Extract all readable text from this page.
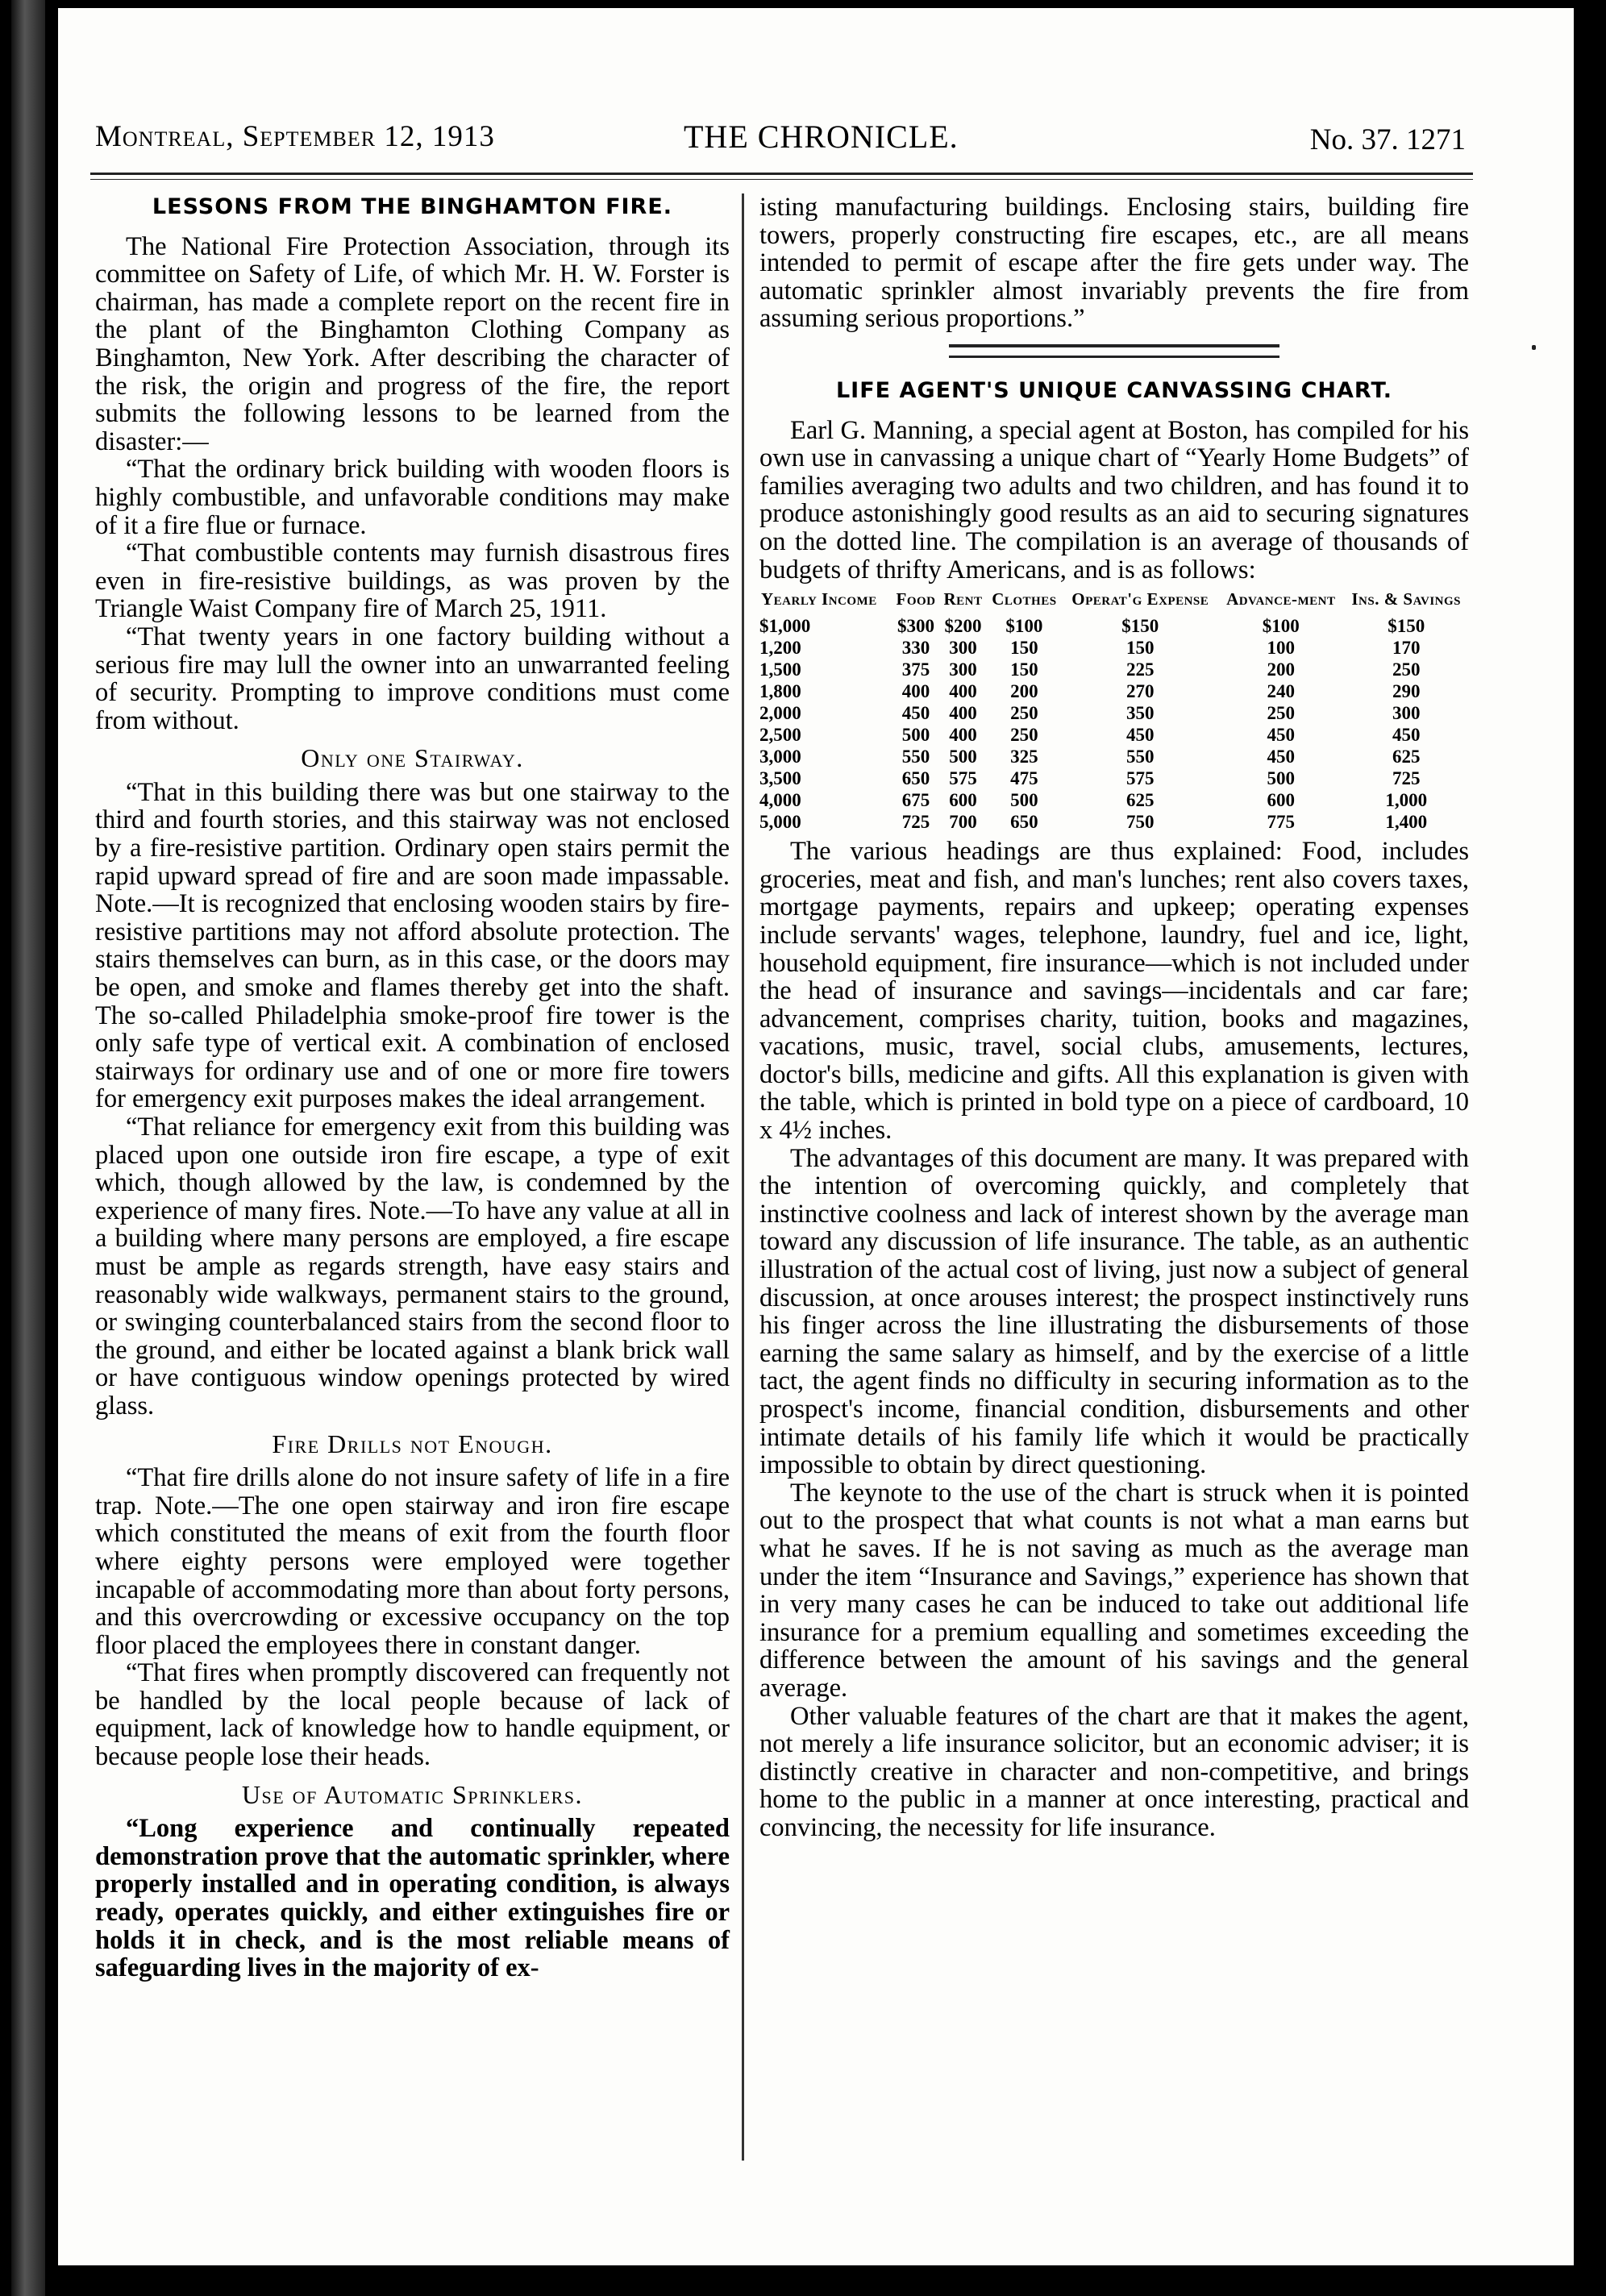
Montreal, September 12, 1913	THE CHRONICLE.	No. 37. 1271
LESSONS FROM THE BINGHAMTON FIRE.

The National Fire Protection Association, through its committee on Safety of Life, of which Mr. H. W. Forster is chairman, has made a complete report on the recent fire in the plant of the Binghamton Clothing Company as Binghamton, New York. After describing the character of the risk, the origin and progress of the fire, the report submits the following lessons to be learned from the disaster:—

“That the ordinary brick building with wooden floors is highly combustible, and unfavorable conditions may make of it a fire flue or furnace.

“That combustible contents may furnish disastrous fires even in fire-resistive buildings, as was proven by the Triangle Waist Company fire of March 25, 1911.

“That twenty years in one factory building without a serious fire may lull the owner into an unwarranted feeling of security. Prompting to improve conditions must come from without.

Only one Stairway.

“That in this building there was but one stairway to the third and fourth stories, and this stairway was not enclosed by a fire-resistive partition. Ordinary open stairs permit the rapid upward spread of fire and are soon made impassable. Note.—It is recognized that enclosing wooden stairs by fire-resistive partitions may not afford absolute protection. The stairs themselves can burn, as in this case, or the doors may be open, and smoke and flames thereby get into the shaft. The so-called Philadelphia smoke-proof fire tower is the only safe type of vertical exit. A combination of enclosed stairways for ordinary use and of one or more fire towers for emergency exit purposes makes the ideal arrangement.

“That reliance for emergency exit from this building was placed upon one outside iron fire escape, a type of exit which, though allowed by the law, is condemned by the experience of many fires. Note.—To have any value at all in a building where many persons are employed, a fire escape must be ample as regards strength, have easy stairs and reasonably wide walkways, permanent stairs to the ground, or swinging counterbalanced stairs from the second floor to the ground, and either be located against a blank brick wall or have contiguous window openings protected by wired glass.

Fire Drills not Enough.

“That fire drills alone do not insure safety of life in a fire trap. Note.—The one open stairway and iron fire escape which constituted the means of exit from the fourth floor where eighty persons were employed were together incapable of accommodating more than about forty persons, and this overcrowding or excessive occupancy on the top floor placed the employees there in constant danger.

“That fires when promptly discovered can frequently not be handled by the local people because of lack of equipment, lack of knowledge how to handle equipment, or because people lose their heads.

Use of Automatic Sprinklers.

“Long experience and continually repeated demonstration prove that the automatic sprinkler, where properly installed and in operating condition, is always ready, operates quickly, and either extinguishes fire or holds it in check, and is the most reliable means of safeguarding lives in the majority of ex-

isting manufacturing buildings. Enclosing stairs, building fire towers, properly constructing fire escapes, etc., are all means intended to permit of escape after the fire gets under way. The automatic sprinkler almost invariably prevents the fire from assuming serious proportions.”

LIFE AGENT'S UNIQUE CANVASSING CHART.

Earl G. Manning, a special agent at Boston, has compiled for his own use in canvassing a unique chart of “Yearly Home Budgets” of families averaging two adults and two children, and has found it to produce astonishingly good results as an aid to securing signatures on the dotted line. The compilation is an average of thousands of budgets of thrifty Americans, and is as follows:

Yearly Income	Food	Rent	Clothes	Operat'g Expense	Advance-ment	Ins. & Savings
$1,000	$300	$200	$100	$150	$100	$150
1,200	330	300	150	150	100	170
1,500	375	300	150	225	200	250
1,800	400	400	200	270	240	290
2,000	450	400	250	350	250	300
2,500	500	400	250	450	450	450
3,000	550	500	325	550	450	625
3,500	650	575	475	575	500	725
4,000	675	600	500	625	600	1,000
5,000	725	700	650	750	775	1,400

The various headings are thus explained: Food, includes groceries, meat and fish, and man's lunches; rent also covers taxes, mortgage payments, repairs and upkeep; operating expenses include servants' wages, telephone, laundry, fuel and ice, light, household equipment, fire insurance—which is not included under the head of insurance and savings—incidentals and car fare; advancement, comprises charity, tuition, books and magazines, vacations, music, travel, social clubs, amusements, lectures, doctor's bills, medicine and gifts. All this explanation is given with the table, which is printed in bold type on a piece of cardboard, 10 x 4½ inches.

The advantages of this document are many. It was prepared with the intention of overcoming quickly, and completely that instinctive coolness and lack of interest shown by the average man toward any discussion of life insurance. The table, as an authentic illustration of the actual cost of living, just now a subject of general discussion, at once arouses interest; the prospect instinctively runs his finger across the line illustrating the disbursements of those earning the same salary as himself, and by the exercise of a little tact, the agent finds no difficulty in securing information as to the prospect's income, financial condition, disbursements and other intimate details of his family life which it would be practically impossible to obtain by direct questioning.

The keynote to the use of the chart is struck when it is pointed out to the prospect that what counts is not what a man earns but what he saves. If he is not saving as much as the average man under the item “Insurance and Savings,” experience has shown that in very many cases he can be induced to take out additional life insurance for a premium equalling and sometimes exceeding the difference between the amount of his savings and the general average.

Other valuable features of the chart are that it makes the agent, not merely a life insurance solicitor, but an economic adviser; it is distinctly creative in character and non-competitive, and brings home to the public in a manner at once interesting, practical and convincing, the necessity for life insurance.
